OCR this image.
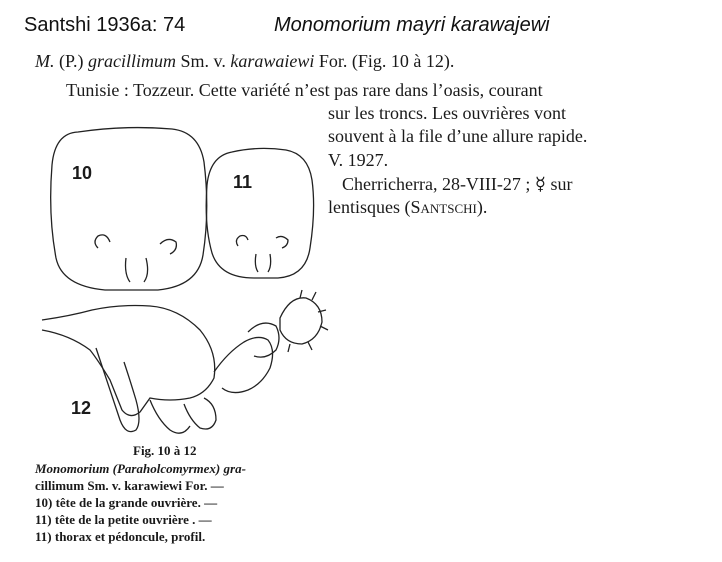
Santshi 1936a: 74	Monomorium mayri karawajewi
M. (P.) gracillimum Sm. v. karawaiewi For. (Fig. 10 à 12).
Tunisie : Tozzeur. Cette variété n’est pas rare dans l’oasis, courant
sur les troncs. Les ouvrières vont
souvent à la file d’une allure rapide.
V. 1927.
Cherricherra, 28-VIII-27 ; ☿ sur
lentisques (Santschi).
10	11
12
Fig. 10 à 12
Monomorium (Paraholcomyrmex) gra-
cillimum Sm. v. karawiewi For. —
10) tête de la grande ouvrière. —
11) tête de la petite ouvrière . —
11) thorax et pédoncule, profil.
